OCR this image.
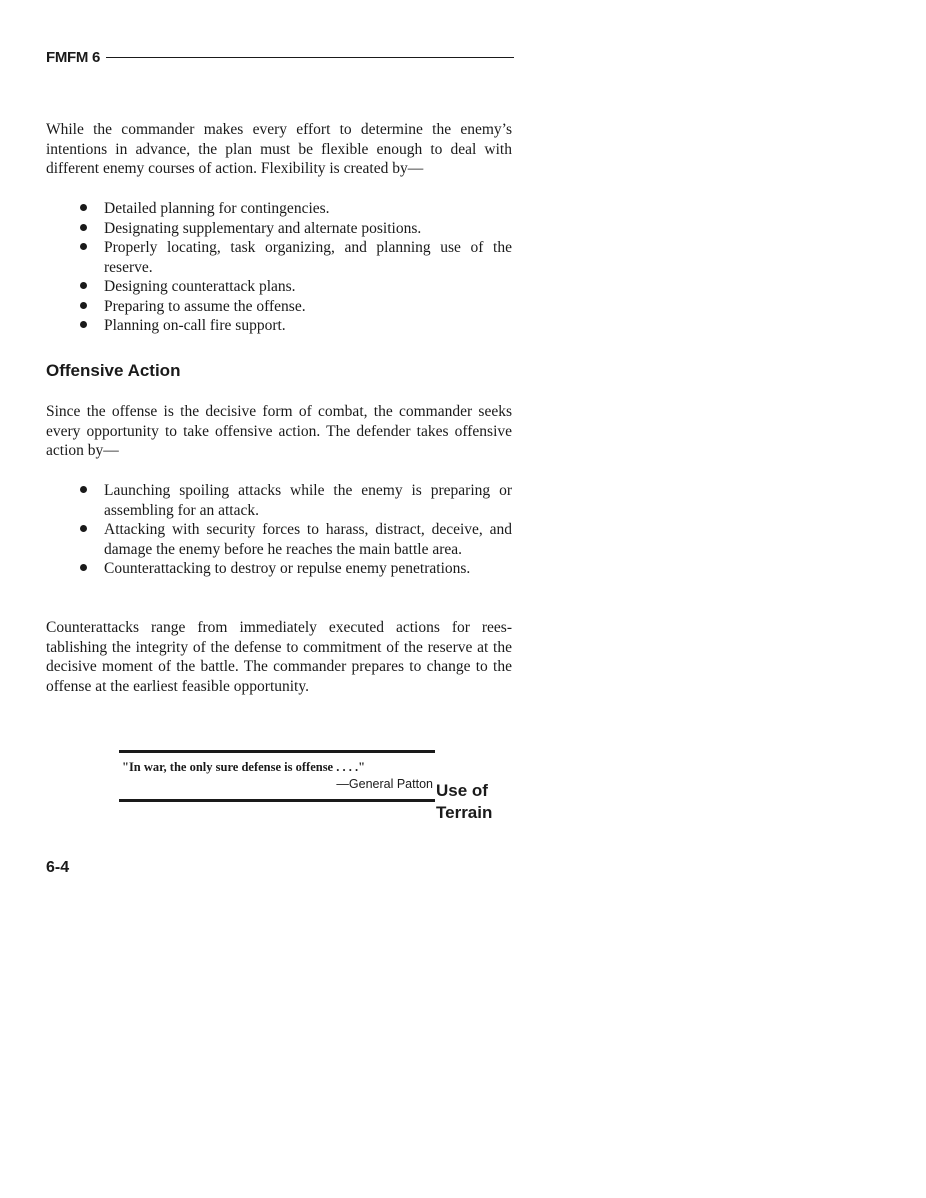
FMFM 6

While the commander makes every effort to determine the enemy’s intentions in advance, the plan must be flexible enough to deal with different enemy courses of action. Flexibility is created by—

Detailed planning for contingencies.
Designating supplementary and alternate positions.
Properly locating, task organizing, and planning use of the reserve.
Designing counterattack plans.
Preparing to assume the offense.
Planning on-call fire support.
Offensive Action

Since the offense is the decisive form of combat, the commander seeks every opportunity to take offensive action. The defender takes offensive action by—

Launching spoiling attacks while the enemy is preparing or assembling for an attack.
Attacking with security forces to harass, distract, deceive, and damage the enemy before he reaches the main battle area.
Counterattacking to destroy or repulse enemy penetrations.

Counterattacks range from immediately executed actions for rees-tablishing the integrity of the defense to commitment of the reserve at the decisive moment of the battle. The commander prepares to change to the offense at the earliest feasible opportunity.

"In war, the only sure defense is offense . . . ."
—General Patton Use of
Terrain
6-4
